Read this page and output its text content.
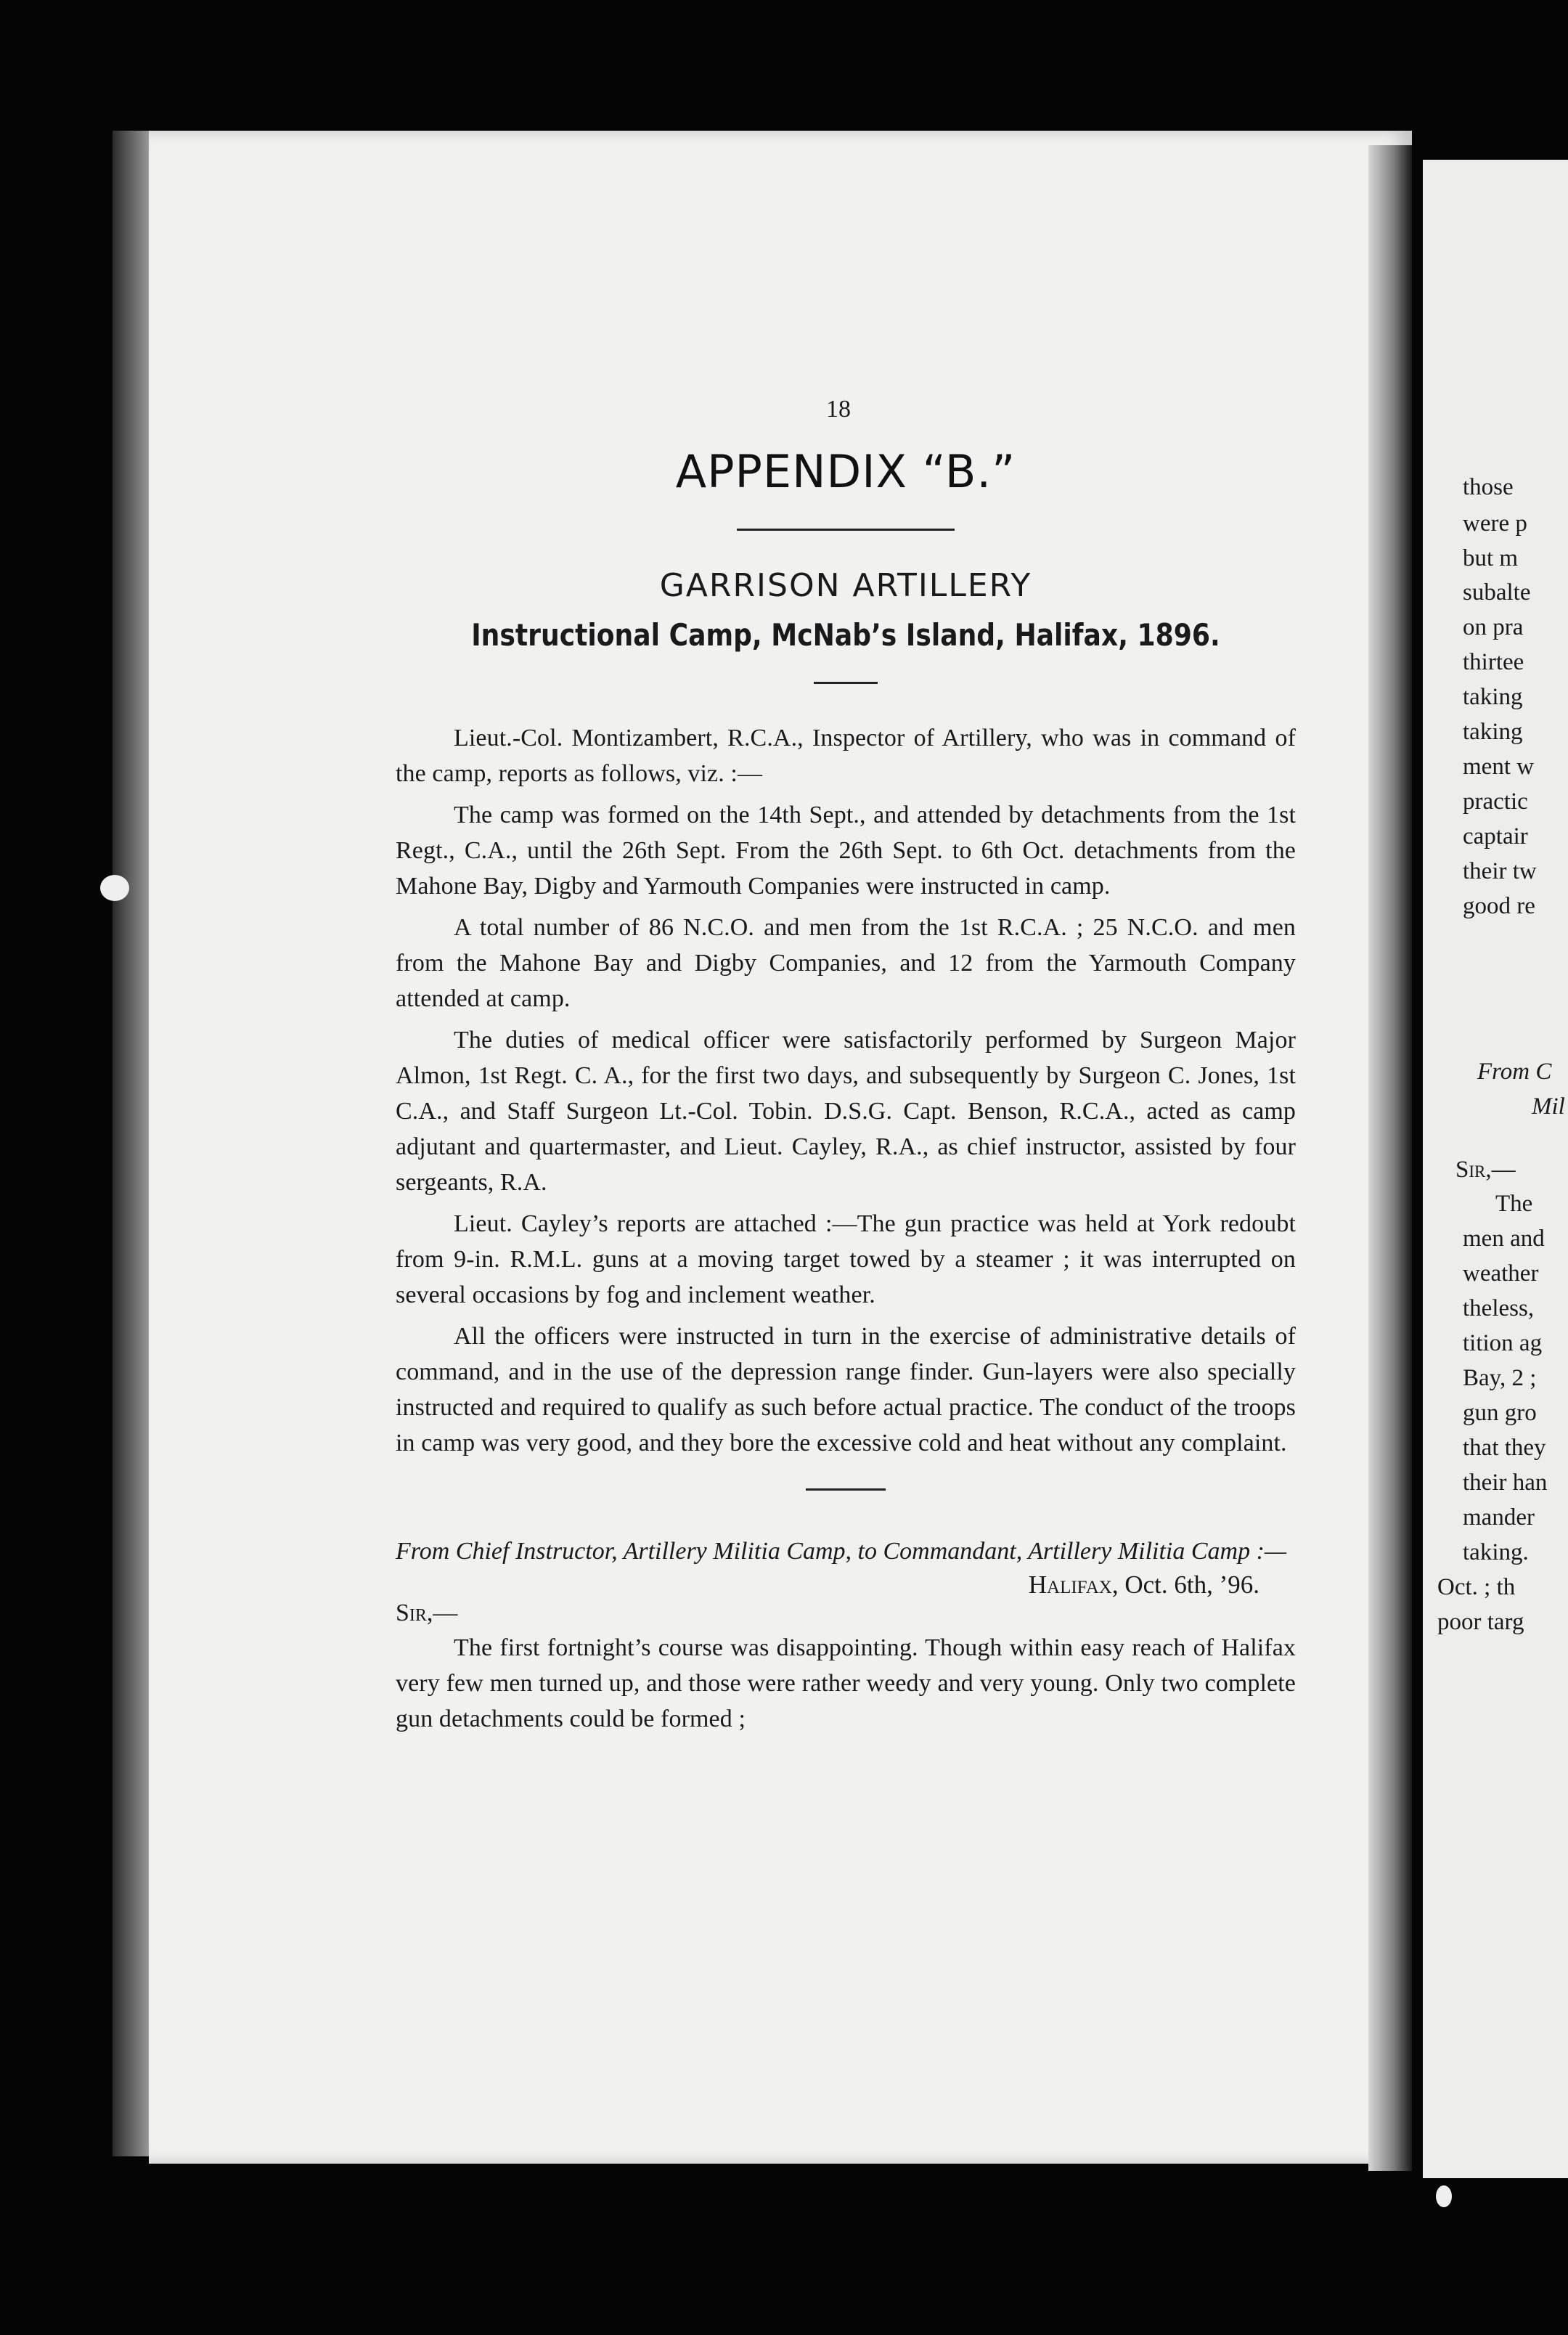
those
were p
but m
subalte
on pra
thirtee
taking
taking
ment w
practic
captair
their tw
good re
From C
Mil
Sir,—
The
men and
weather
theless,
tition ag
Bay, 2 ;
gun gro
that they
their han
mander
taking.
Oct. ; th
poor targ
18
APPENDIX “B.”
GARRISON ARTILLERY
Instructional Camp, McNab’s Island, Halifax, 1896.

Lieut.-Col. Montizambert, R.C.A., Inspector of Artillery, who was in command of the camp, reports as follows, viz. :—

The camp was formed on the 14th Sept., and attended by detachments from the 1st Regt., C.A., until the 26th Sept. From the 26th Sept. to 6th Oct. detachments from the Mahone Bay, Digby and Yarmouth Companies were instructed in camp.

A total number of 86 N.C.O. and men from the 1st R.C.A. ; 25 N.C.O. and men from the Mahone Bay and Digby Companies, and 12 from the Yarmouth Company attended at camp.

The duties of medical officer were satisfactorily performed by Surgeon Major Almon, 1st Regt. C. A., for the first two days, and subsequently by Surgeon C. Jones, 1st C.A., and Staff Surgeon Lt.-Col. Tobin. D.S.G. Capt. Benson, R.C.A., acted as camp adjutant and quartermaster, and Lieut. Cayley, R.A., as chief instructor, assisted by four sergeants, R.A.

Lieut. Cayley’s reports are attached :—The gun practice was held at York redoubt from 9-in. R.M.L. guns at a moving target towed by a steamer ; it was interrupted on several occasions by fog and inclement weather.

All the officers were instructed in turn in the exercise of administrative details of command, and in the use of the depression range finder. Gun-layers were also specially instructed and required to qualify as such before actual practice. The conduct of the troops in camp was very good, and they bore the excessive cold and heat without any complaint.

From Chief Instructor, Artillery Militia Camp, to Commandant, Artillery Militia Camp :—
Halifax, Oct. 6th, ’96.
Sir,—

The first fortnight’s course was disappointing. Though within easy reach of Halifax very few men turned up, and those were rather weedy and very young. Only two complete gun detachments could be formed ;
